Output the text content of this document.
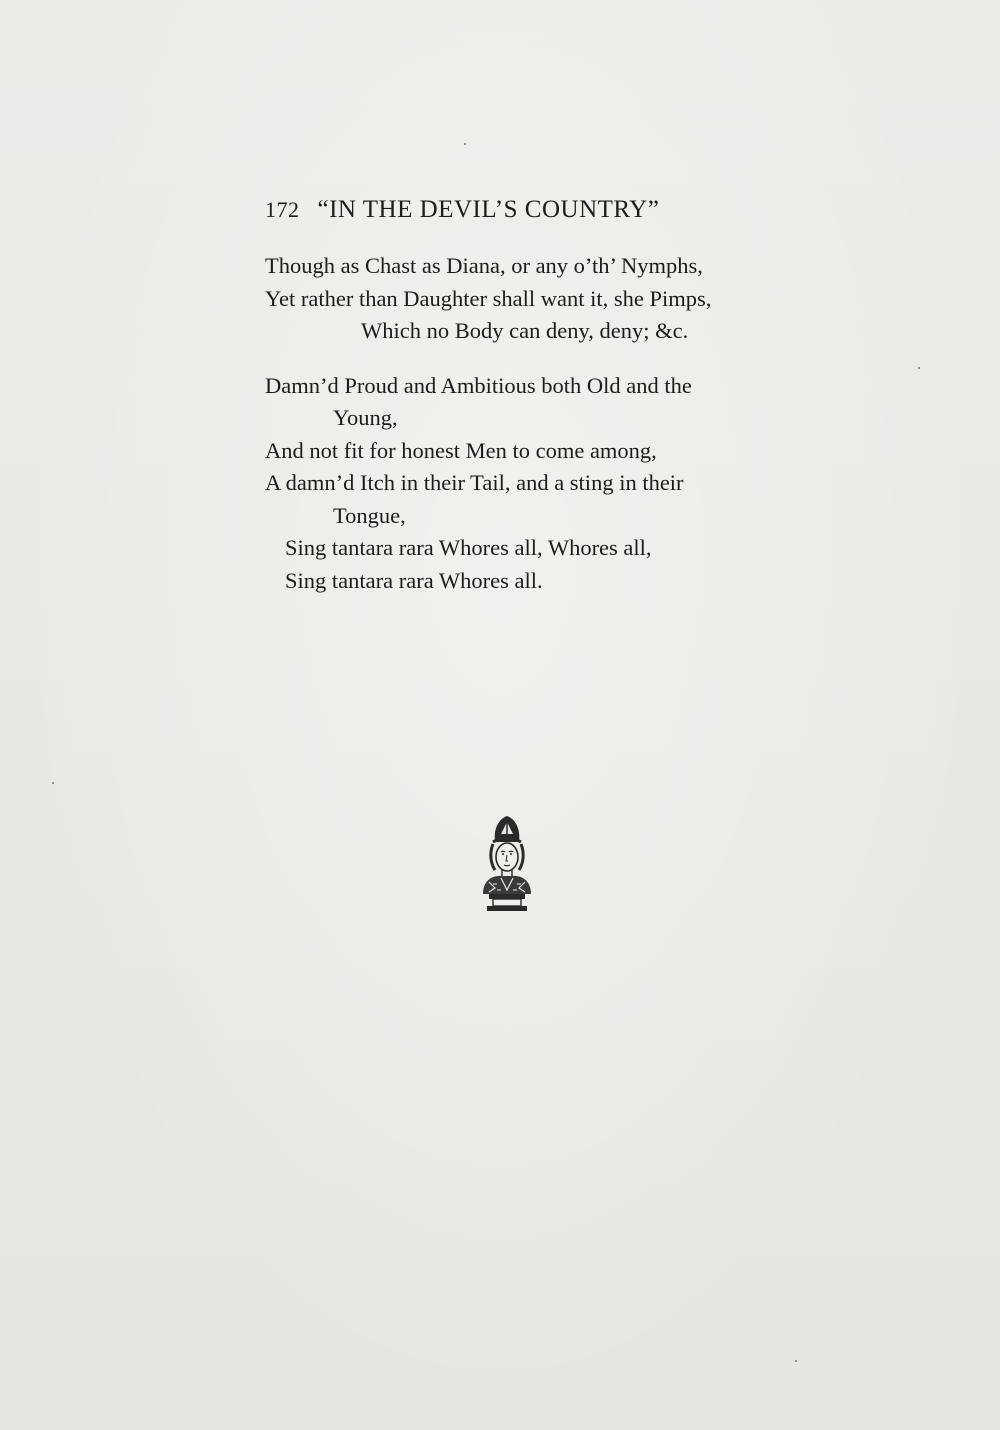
172 “IN THE DEVIL’S COUNTRY”
Though as Chast as Diana, or any o’th’ Nymphs,
Yet rather than Daughter shall want it, she Pimps,
Which no Body can deny, deny; &c.
Damn’d Proud and Ambitious both Old and the
Young,
And not fit for honest Men to come among,
A damn’d Itch in their Tail, and a sting in their
Tongue,
Sing tantara rara Whores all, Whores all,
Sing tantara rara Whores all.
